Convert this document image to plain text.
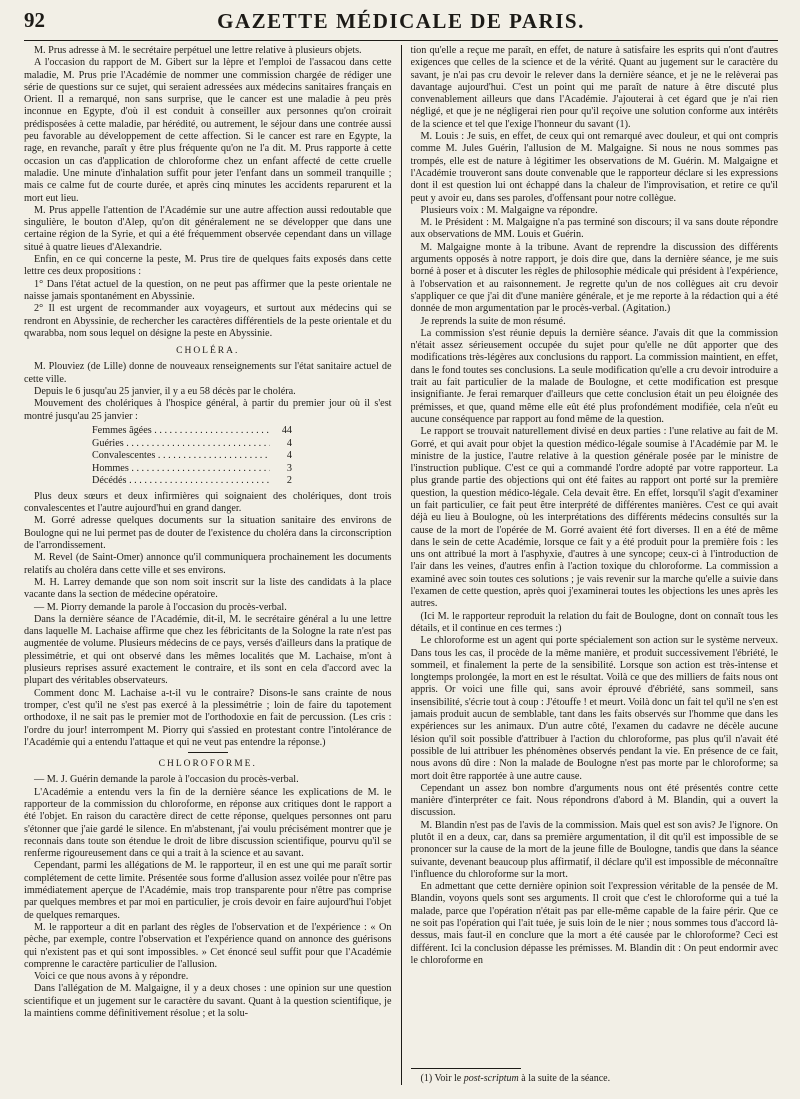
92	GAZETTE MÉDICALE DE PARIS.

M. Prus adresse à M. le secrétaire perpétuel une lettre relative à plusieurs objets.

A l'occasion du rapport de M. Gibert sur la lèpre et l'emploi de l'assacou dans cette maladie, M. Prus prie l'Académie de nommer une commission chargée de rédiger une série de questions sur ce sujet, qui seraient adressées aux médecins sanitaires français en Orient. Il a remarqué, non sans surprise, que le cancer est une maladie à peu près inconnue en Egypte, d'où il est conduit à conseiller aux personnes qu'on croirait prédisposées à cette maladie, par hérédité, ou autrement, le séjour dans une contrée aussi peu favorable au développement de cette affection. Si le cancer est rare en Egypte, la rage, en revanche, paraît y être plus fréquente qu'on ne l'a dit. M. Prus rapporte à cette occasion un cas d'application de chloroforme chez un enfant affecté de cette cruelle maladie. Une minute d'inhalation suffit pour jeter l'enfant dans un sommeil tranquille ; mais ce calme fut de courte durée, et après cinq minutes les accidents reparurent et la mort eut lieu.

M. Prus appelle l'attention de l'Académie sur une autre affection aussi redoutable que singulière, le bouton d'Alep, qu'on dit généralement ne se développer que dans une certaine région de la Syrie, et qui a été fréquemment observée cependant dans un village situé à quatre lieues d'Alexandrie.

Enfin, en ce qui concerne la peste, M. Prus tire de quelques faits exposés dans cette lettre ces deux propositions :

1° Dans l'état actuel de la question, on ne peut pas affirmer que la peste orientale ne naisse jamais spontanément en Abyssinie.

2° Il est urgent de recommander aux voyageurs, et surtout aux médecins qui se rendront en Abyssinie, de rechercher les caractères différentiels de la peste orientale et du qwarabba, nom sous lequel on désigne la peste en Abyssinie.

CHOLÉRA.

M. Plouviez (de Lille) donne de nouveaux renseignements sur l'état sanitaire actuel de cette ville.

Depuis le 6 jusqu'au 25 janvier, il y a eu 58 décès par le choléra.

Mouvement des cholériques à l'hospice général, à partir du premier jour où il s'est montré jusqu'au 25 janvier :

Femmes âgées . . .	44
Guéries . . .	4
Convalescentes . . .	4
Hommes . . .	3
Décédés . . .	2

Plus deux sœurs et deux infirmières qui soignaient des cholériques, dont trois convalescentes et l'autre aujourd'hui en grand danger.

M. Gorré adresse quelques documents sur la situation sanitaire des environs de Boulogne qui ne lui permet pas de douter de l'existence du choléra dans la circonscription de l'arrondissement.

M. Revel (de Saint-Omer) annonce qu'il communiquera prochainement les documents relatifs au choléra dans cette ville et ses environs.

M. H. Larrey demande que son nom soit inscrit sur la liste des candidats à la place vacante dans la section de médecine opératoire.

— M. Piorry demande la parole à l'occasion du procès-verbal.

Dans la dernière séance de l'Académie, dit-il, M. le secrétaire général a lu une lettre dans laquelle M. Lachaise affirme que chez les fébricitants de la Sologne la rate n'est pas augmentée de volume. Plusieurs médecins de ce pays, versés d'ailleurs dans la pratique de plessimétrie, et qui ont observé dans les mêmes localités que M. Lachaise, m'ont à plusieurs reprises assuré exactement le contraire, et ils sont en cela d'accord avec la plupart des véritables observateurs.

Comment donc M. Lachaise a-t-il vu le contraire? Disons-le sans crainte de nous tromper, c'est qu'il ne s'est pas exercé à la plessimétrie ; loin de faire du tapotement orthodoxe, il ne sait pas le premier mot de l'orthodoxie en fait de percussion. (Les cris : l'ordre du jour! interrompent M. Piorry qui s'assied en protestant contre l'intolérance de l'Académie qui a entendu l'attaque et qui ne veut pas entendre la réponse.)

CHLOROFORME.

— M. J. Guérin demande la parole à l'occasion du procès-verbal.

L'Académie a entendu vers la fin de la dernière séance les explications de M. le rapporteur de la commission du chloroforme, en réponse aux critiques dont le rapport a été l'objet. En raison du caractère direct de cette réponse, quelques personnes ont paru s'étonner que j'aie gardé le silence. En m'abstenant, j'ai voulu précisément montrer que je reconnais dans toute son étendue le droit de libre discussion scientifique, pourvu qu'il se renferme rigoureusement dans ce qui a trait à la science et au savant.

Cependant, parmi les allégations de M. le rapporteur, il en est une qui me paraît sortir complétement de cette limite. Présentée sous forme d'allusion assez voilée pour n'être pas immédiatement aperçue de l'Académie, mais trop transparente pour n'être pas comprise par quelques membres et par moi en particulier, je crois devoir en faire aujourd'hui l'objet de quelques remarques.

M. le rapporteur a dit en parlant des règles de l'observation et de l'expérience : « On pèche, par exemple, contre l'observation et l'expérience quand on annonce des guérisons qui n'existent pas et qui sont impossibles. » Cet énoncé seul suffit pour que l'Académie comprenne le caractère particulier de l'allusion.

Voici ce que nous avons à y répondre.

Dans l'allégation de M. Malgaigne, il y a deux choses : une opinion sur une question scientifique et un jugement sur le caractère du savant. Quant à la question scientifique, je la maintiens comme définitivement résolue ; et la solu-

tion qu'elle a reçue me paraît, en effet, de nature à satisfaire les esprits qui n'ont d'autres exigences que celles de la science et de la vérité. Quant au jugement sur le caractère du savant, je n'ai pas cru devoir le relever dans la dernière séance, et je ne le relèverai pas davantage aujourd'hui. C'est un point qui me paraît de nature à être discuté plus convenablement ailleurs que dans l'Académie. J'ajouterai à cet égard que je n'ai rien négligé, et que je ne négligerai rien pour qu'il reçoive une solution conforme aux intérêts de la science et tel que l'exige l'honneur du savant (1).

M. Louis : Je suis, en effet, de ceux qui ont remarqué avec douleur, et qui ont compris comme M. Jules Guérin, l'allusion de M. Malgaigne. Si nous ne nous sommes pas trompés, elle est de nature à légitimer les observations de M. Guérin. M. Malgaigne et l'Académie trouveront sans doute convenable que le rapporteur déclare si les expressions dont il est question lui ont échappé dans la chaleur de l'improvisation, et retire ce qu'il peut y avoir eu, dans ses paroles, d'offensant pour notre collègue.

Plusieurs voix : M. Malgaigne va répondre.

M. le Président : M. Malgaigne n'a pas terminé son discours; il va sans doute répondre aux observations de MM. Louis et Guérin.

M. Malgaigne monte à la tribune. Avant de reprendre la discussion des différents arguments opposés à notre rapport, je dois dire que, dans la dernière séance, je me suis borné à poser et à discuter les règles de philosophie médicale qui président à l'expérience, à l'observation et au raisonnement. Je regrette qu'un de nos collègues ait cru devoir s'appliquer ce que j'ai dit d'une manière générale, et je me reporte à la rédaction qui a été donnée de mon argumentation par le procès-verbal. (Agitation.)

Je reprends la suite de mon résumé.

La commission s'est réunie depuis la dernière séance. J'avais dit que la commission n'était assez sérieusement occupée du sujet pour qu'elle ne dût apporter que des modifications très-légères aux conclusions du rapport. La commission maintient, en effet, dans le fond toutes ses conclusions. La seule modification qu'elle a cru devoir introduire a trait au fait particulier de la malade de Boulogne, et cette modification est presque insignifiante. Je ferai remarquer d'ailleurs que cette conclusion était un peu éloignée des prémisses, et que, quand même elle eût été plus profondément modifiée, cela n'eût eu aucune conséquence par rapport au fond même de la question.

Le rapport se trouvait naturellement divisé en deux parties : l'une relative au fait de M. Gorré, et qui avait pour objet la question médico-légale soumise à l'Académie par M. le ministre de la justice, l'autre relative à la question générale posée par le ministre de l'instruction publique. C'est ce qui a commandé l'ordre adopté par votre rapporteur. La plus grande partie des objections qui ont été faites au rapport ont porté sur la première question, la question médico-légale. Cela devait être. En effet, lorsqu'il s'agit d'examiner un fait particulier, ce fait peut être interprété de différentes manières. C'est ce qui avait déjà eu lieu à Boulogne, où les interprétations des différents médecins consultés sur la cause de la mort de l'opérée de M. Gorré avaient été fort diverses. Il en a été de même dans le sein de cette Académie, lorsque ce fait y a été produit pour la première fois : les uns ont attribué la mort à l'asphyxie, d'autres à une syncope; ceux-ci à l'introduction de l'air dans les veines, d'autres enfin à l'action toxique du chloroforme. La commission a examiné avec soin toutes ces solutions ; je vais revenir sur la marche qu'elle a suivie dans l'examen de cette question, après quoi j'examinerai toutes les objections les unes après les autres.

(Ici M. le rapporteur reproduit la relation du fait de Boulogne, dont on connaît tous les détails, et il continue en ces termes :)

Le chloroforme est un agent qui porte spécialement son action sur le système nerveux. Dans tous les cas, il procède de la même manière, et produit successivement l'ébriété, le sommeil, et finalement la perte de la sensibilité. Lorsque son action est très-intense et longtemps prolongée, la mort en est le résultat. Voilà ce que des milliers de faits nous ont appris. Or voici une fille qui, sans avoir éprouvé d'ébriété, sans sommeil, sans insensibilité, s'écrie tout à coup : J'étouffe ! et meurt. Voilà donc un fait tel qu'il ne s'en est jamais produit aucun de semblable, tant dans les faits observés sur l'homme que dans les expériences sur les animaux. D'un autre côté, l'examen du cadavre ne décèle aucune lésion qu'il soit possible d'attribuer à l'action du chloroforme, pas plus qu'il n'avait été possible de lui attribuer les phénomènes observés pendant la vie. En présence de ce fait, nous avons dû dire : Non la malade de Boulogne n'est pas morte par le chloroforme; sa mort doit être rapportée à une autre cause.

Cependant un assez bon nombre d'arguments nous ont été présentés contre cette manière d'interpréter ce fait. Nous répondrons d'abord à M. Blandin, qui a ouvert la discussion.

M. Blandin n'est pas de l'avis de la commission. Mais quel est son avis? Je l'ignore. On plutôt il en a deux, car, dans sa première argumentation, il dit qu'il est impossible de se prononcer sur la cause de la mort de la jeune fille de Boulogne, tandis que dans la séance suivante, devenant beaucoup plus affirmatif, il déclare qu'il est impossible de méconnaître l'influence du chloroforme sur la mort.

En admettant que cette dernière opinion soit l'expression véritable de la pensée de M. Blandin, voyons quels sont ses arguments. Il croit que c'est le chloroforme qui a tué la malade, parce que l'opération n'était pas par elle-même capable de la faire périr. Que ce ne soit pas l'opération qui l'ait tuée, je suis loin de le nier ; nous sommes tous d'accord là-dessus, mais faut-il en conclure que la mort a été causée par le chloroforme? Ceci est différent. Ici la conclusion dépasse les prémisses. M. Blandin dit : On peut endormir avec le chloroforme en

(1) Voir le post-scriptum à la suite de la séance.
